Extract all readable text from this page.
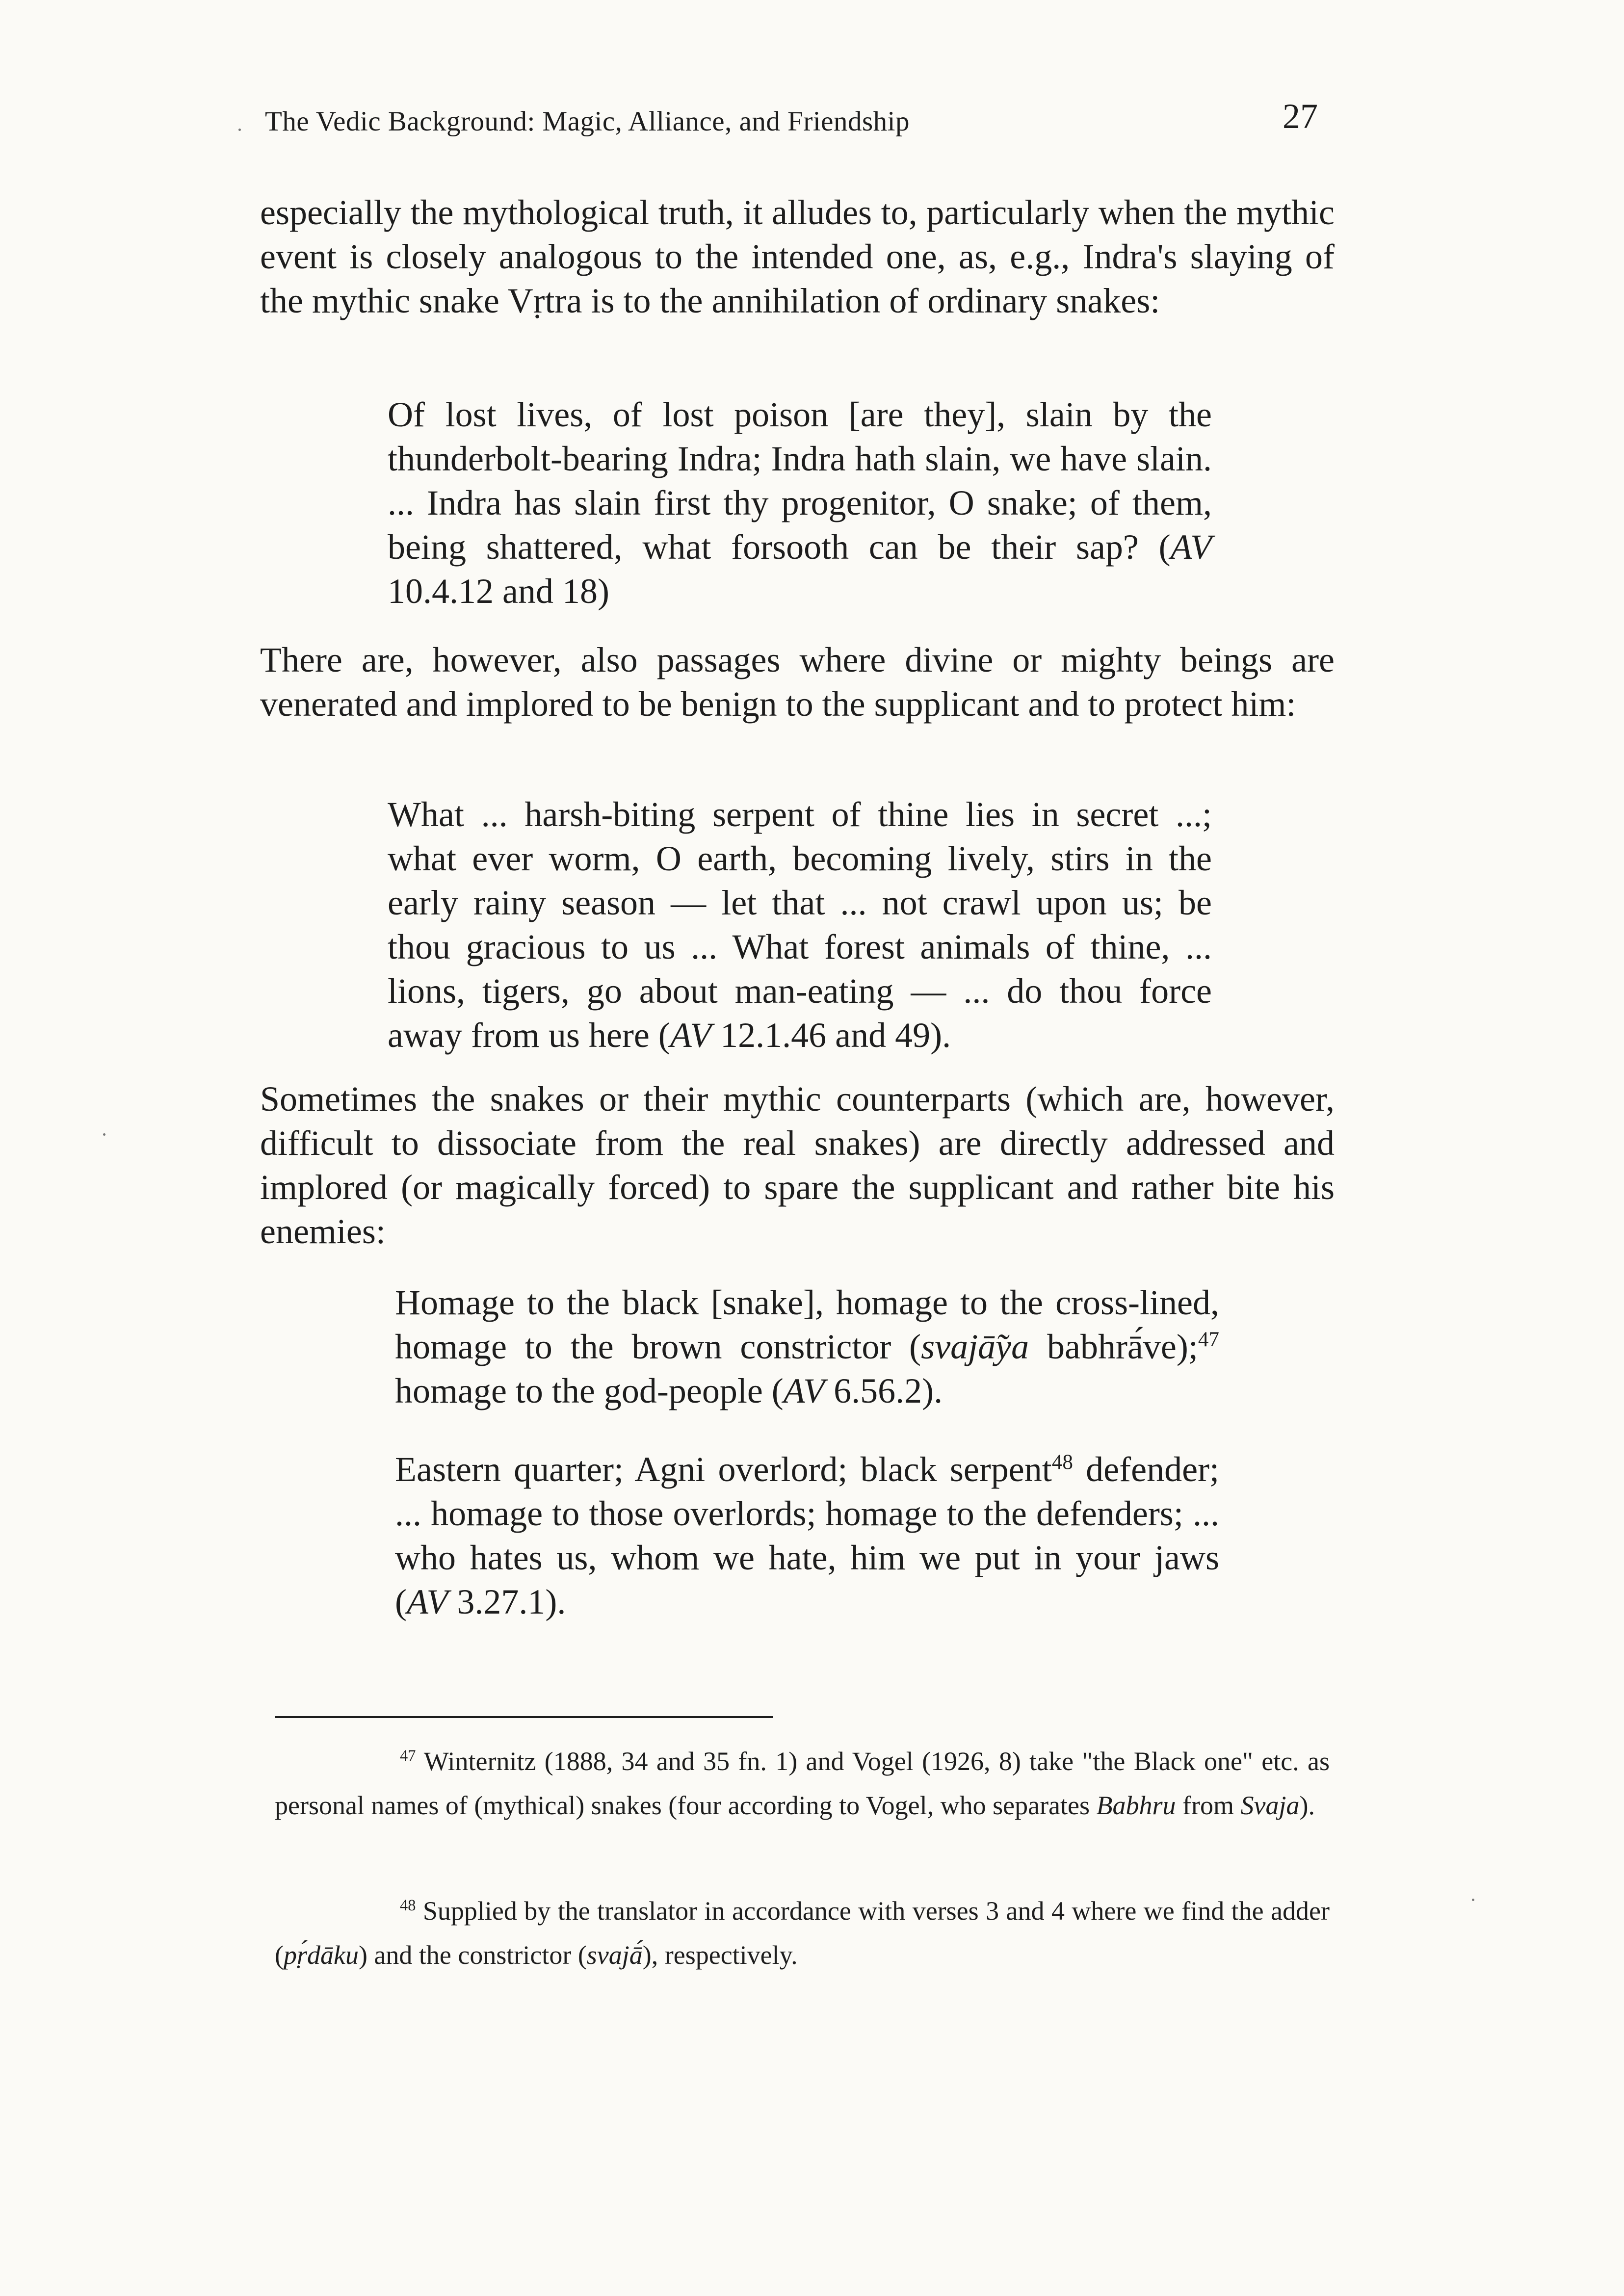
The Vedic Background: Magic, Alliance, and Friendship	27

especially the mythological truth, it alludes to, particularly when the mythic event is closely analogous to the intended one, as, e.g., Indra's slaying of the mythic snake Vṛtra is to the annihilation of ordinary snakes:

Of lost lives, of lost poison [are they], slain by the thunderbolt-bearing Indra; Indra hath slain, we have slain. ... Indra has slain first thy progenitor, O snake; of them, being shattered, what forsooth can be their sap? (AV 10.4.12 and 18)

There are, however, also passages where divine or mighty beings are venerated and implored to be benign to the supplicant and to protect him:

What ... harsh-biting serpent of thine lies in secret ...; what ever worm, O earth, becoming lively, stirs in the early rainy season — let that ... not crawl upon us; be thou gracious to us ... What forest animals of thine, ... lions, tigers, go about man-eating — ... do thou force away from us here (AV 12.1.46 and 49).

Sometimes the snakes or their mythic counterparts (which are, however, difficult to dissociate from the real snakes) are directly addressed and implored (or magically forced) to spare the supplicant and rather bite his enemies:

Homage to the black [snake], homage to the cross-lined, homage to the brown constrictor (svajā̃ya babhrā́ve);$^{47}$ homage to the god-people (AV 6.56.2).

Eastern quarter; Agni overlord; black serpent$^{48}$ defender; ... homage to those overlords; homage to the defenders; ... who hates us, whom we hate, him we put in your jaws (AV 3.27.1).

$^{47}$ Winternitz (1888, 34 and 35 fn. 1) and Vogel (1926, 8) take "the Black one" etc. as personal names of (mythical) snakes (four according to Vogel, who separates Babhru from Svaja).

$^{48}$ Supplied by the translator in accordance with verses 3 and 4 where we find the adder (pṛ́dāku) and the constrictor (svajā́), respectively.
